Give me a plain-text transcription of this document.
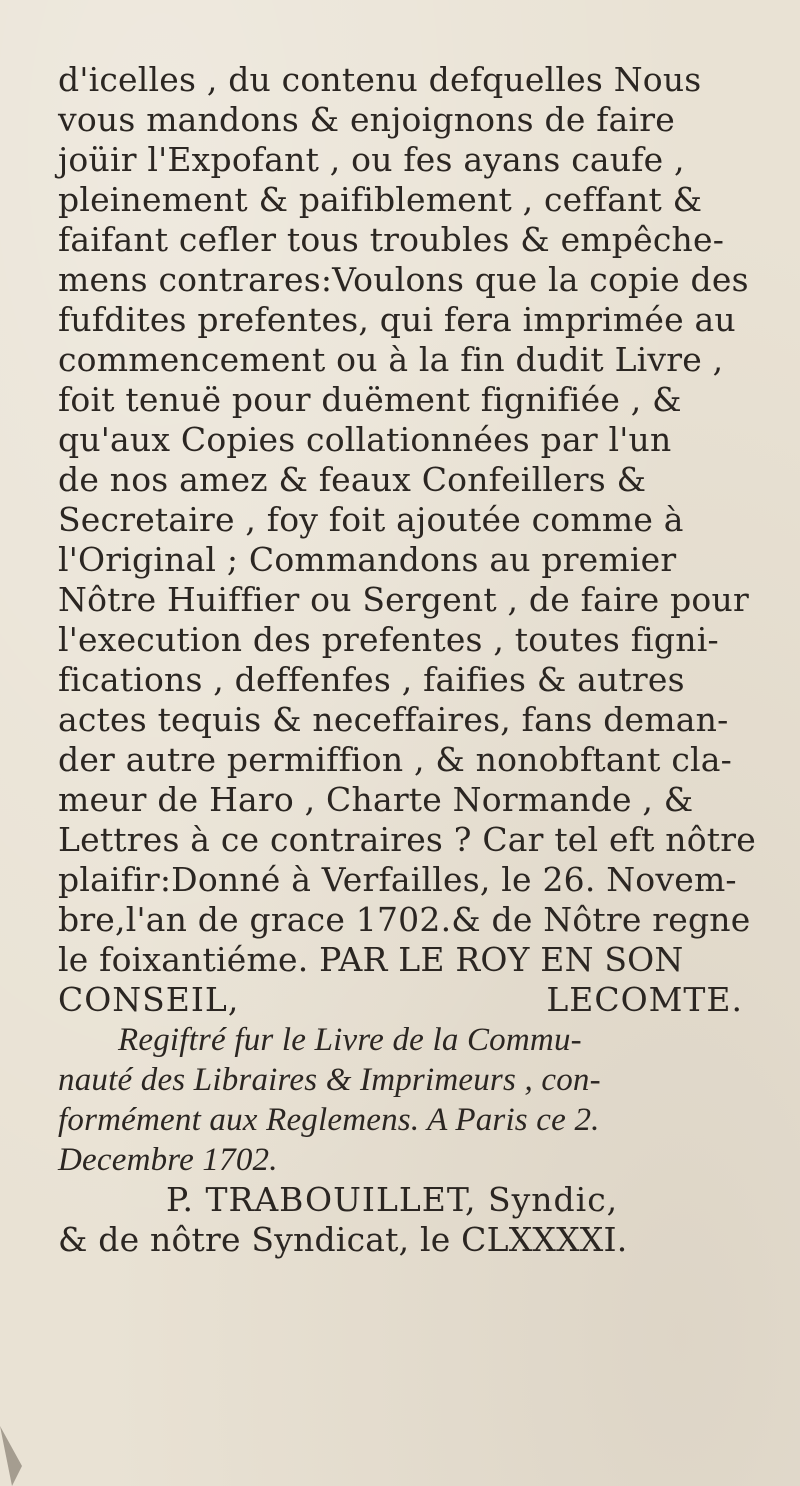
d'icelles , du contenu defquelles Nous
vous mandons & enjoignons de faire
joüir l'Expofant , ou fes ayans caufe ,
pleinement & paifiblement , ceffant &
faifant cefler tous troubles & empêche-
mens contrares:Voulons que la copie des
fufdites prefentes, qui fera imprimée au
commencement ou à la fin dudit Livre ,
foit tenuë pour duëment fignifiée , &
qu'aux Copies collationnées par l'un
de nos amez & feaux Confeillers &
Secretaire , foy foit ajoutée comme à
l'Original ; Commandons au premier
Nôtre Huiffier ou Sergent , de faire pour
l'execution des prefentes , toutes figni-
fications , deffenfes , faifies & autres
actes tequis & neceffaires, fans deman-
der autre permiffion , & nonobftant cla-
meur de Haro , Charte Normande , &
Lettres à ce contraires ? Car tel eft nôtre
plaifir:Donné à Verfailles, le 26. Novem-
bre,l'an de grace 1702.& de Nôtre regne
le foixantiéme. PAR LE ROY EN SON
CONSEIL,	LECOMTE.
Regiftré fur le Livre de la Commu-
nauté des Libraires & Imprimeurs , con-
formément aux Reglemens. A Paris ce 2.
Decembre 1702.
P. TRABOUILLET, Syndic,
& de nôtre Syndicat, le CLXXXXI.
